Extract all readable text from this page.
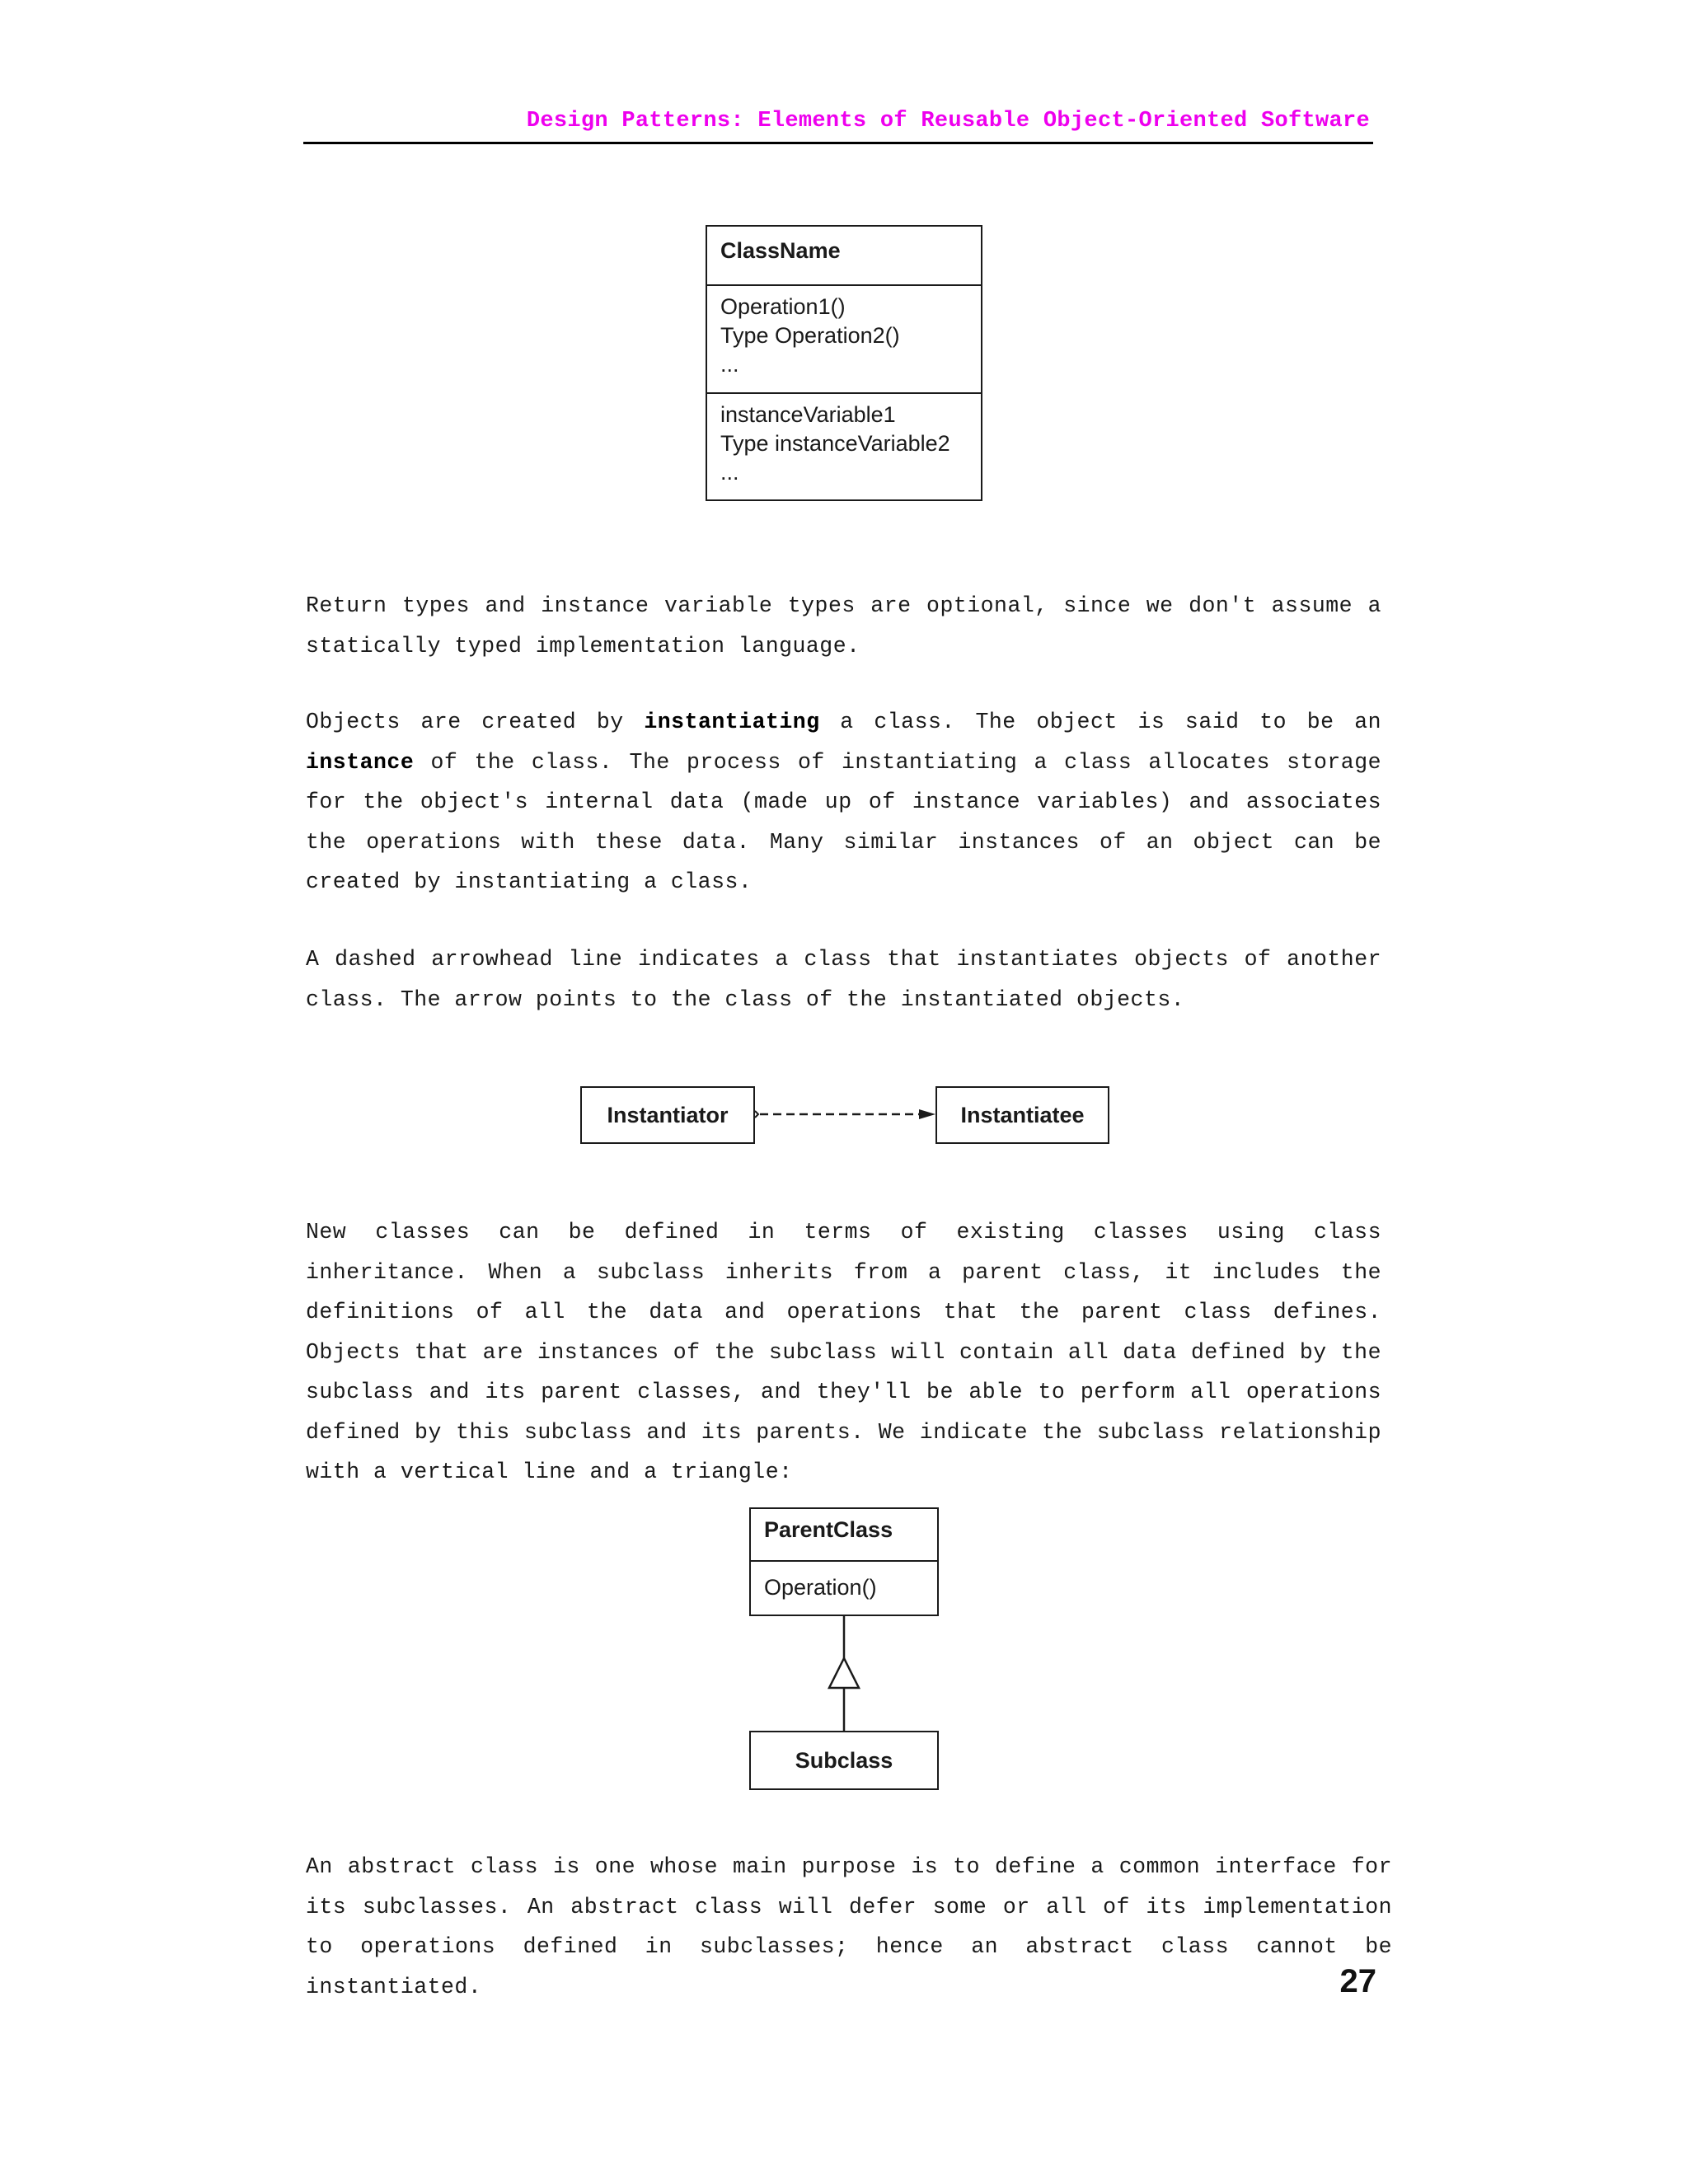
Design Patterns: Elements of Reusable Object-Oriented Software
ClassName
Operation1()
Type Operation2()
...
instanceVariable1
Type instanceVariable2
...

Return types and instance variable types are optional, since we don't assume a statically typed implementation language.

Objects are created by instantiating a class. The object is said to be an instance of the class. The process of instantiating a class allocates storage for the object's internal data (made up of instance variables) and associates the operations with these data. Many similar instances of an object can be created by instantiating a class.

A dashed arrowhead line indicates a class that instantiates objects of another class. The arrow points to the class of the instantiated objects.

Instantiator	Instantiatee

New classes can be defined in terms of existing classes using class inheritance. When a subclass inherits from a parent class, it includes the definitions of all the data and operations that the parent class defines. Objects that are instances of the subclass will contain all data defined by the subclass and its parent classes, and they'll be able to perform all operations defined by this subclass and its parents. We indicate the subclass relationship with a vertical line and a triangle:

ParentClass
Operation()
Subclass

An abstract class is one whose main purpose is to define a common interface for its subclasses. An abstract class will defer some or all of its implementation to operations defined in subclasses; hence an abstract class cannot be instantiated.	27
